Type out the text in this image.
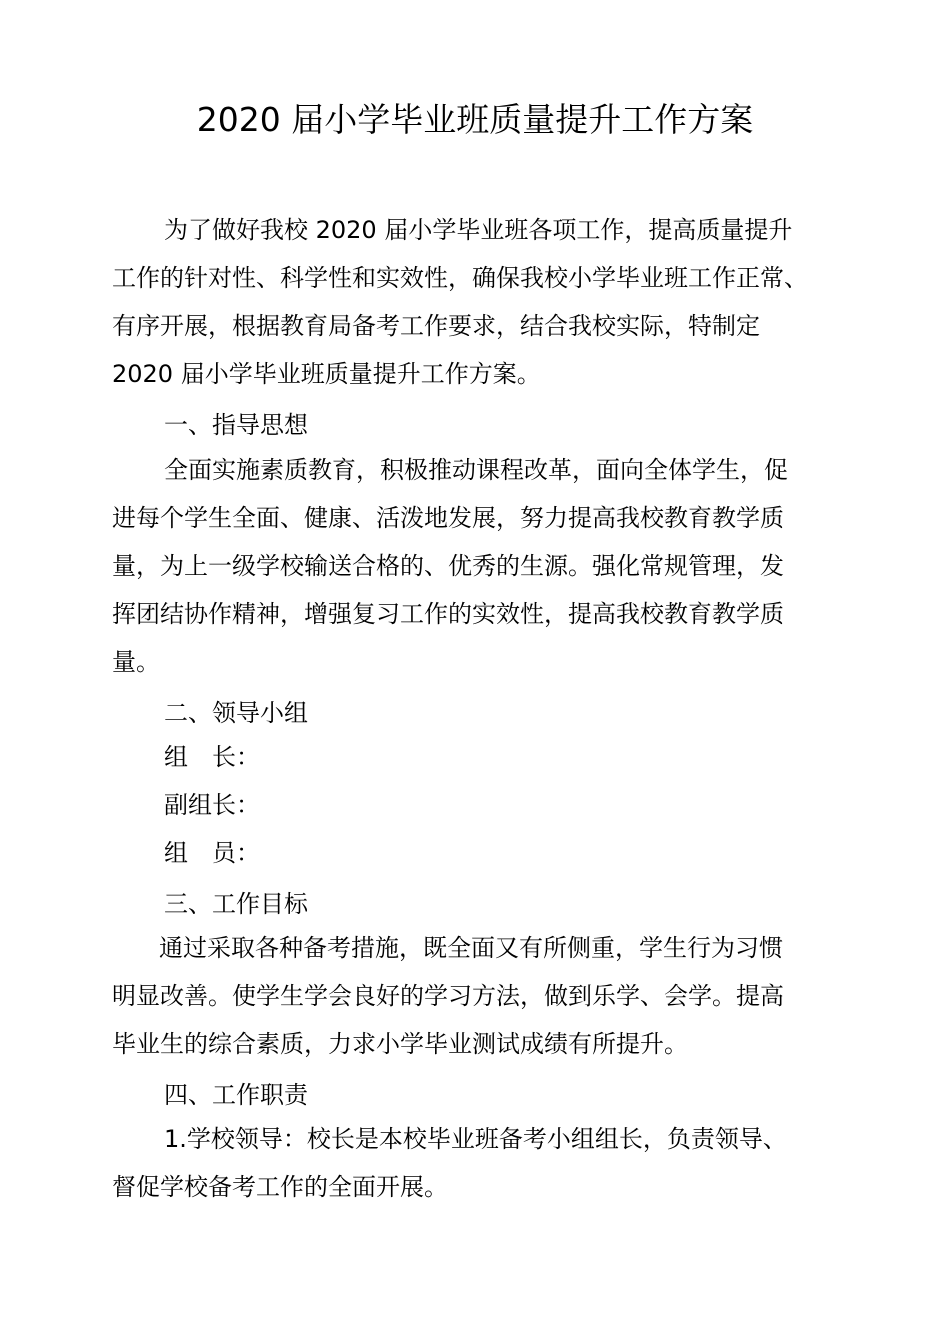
2020 届小学毕业班质量提升工作方案
为了做好我校 2020 届小学毕业班各项工作，提高质量提升
工作的针对性、科学性和实效性，确保我校小学毕业班工作正常、
有序开展，根据教育局备考工作要求，结合我校实际，特制定
2020 届小学毕业班质量提升工作方案。
一、指导思想
全面实施素质教育，积极推动课程改革，面向全体学生，促
进每个学生全面、健康、活泼地发展，努力提高我校教育教学质
量，为上一级学校输送合格的、优秀的生源。强化常规管理，发
挥团结协作精神，增强复习工作的实效性，提高我校教育教学质
量。
二、领导小组
组　长：
副组长：
组　员：
三、工作目标
通过采取各种备考措施，既全面又有所侧重，学生行为习惯
明显改善。使学生学会良好的学习方法，做到乐学、会学。提高
毕业生的综合素质，力求小学毕业测试成绩有所提升。
四、工作职责
1.学校领导：校长是本校毕业班备考小组组长，负责领导、
督促学校备考工作的全面开展。
